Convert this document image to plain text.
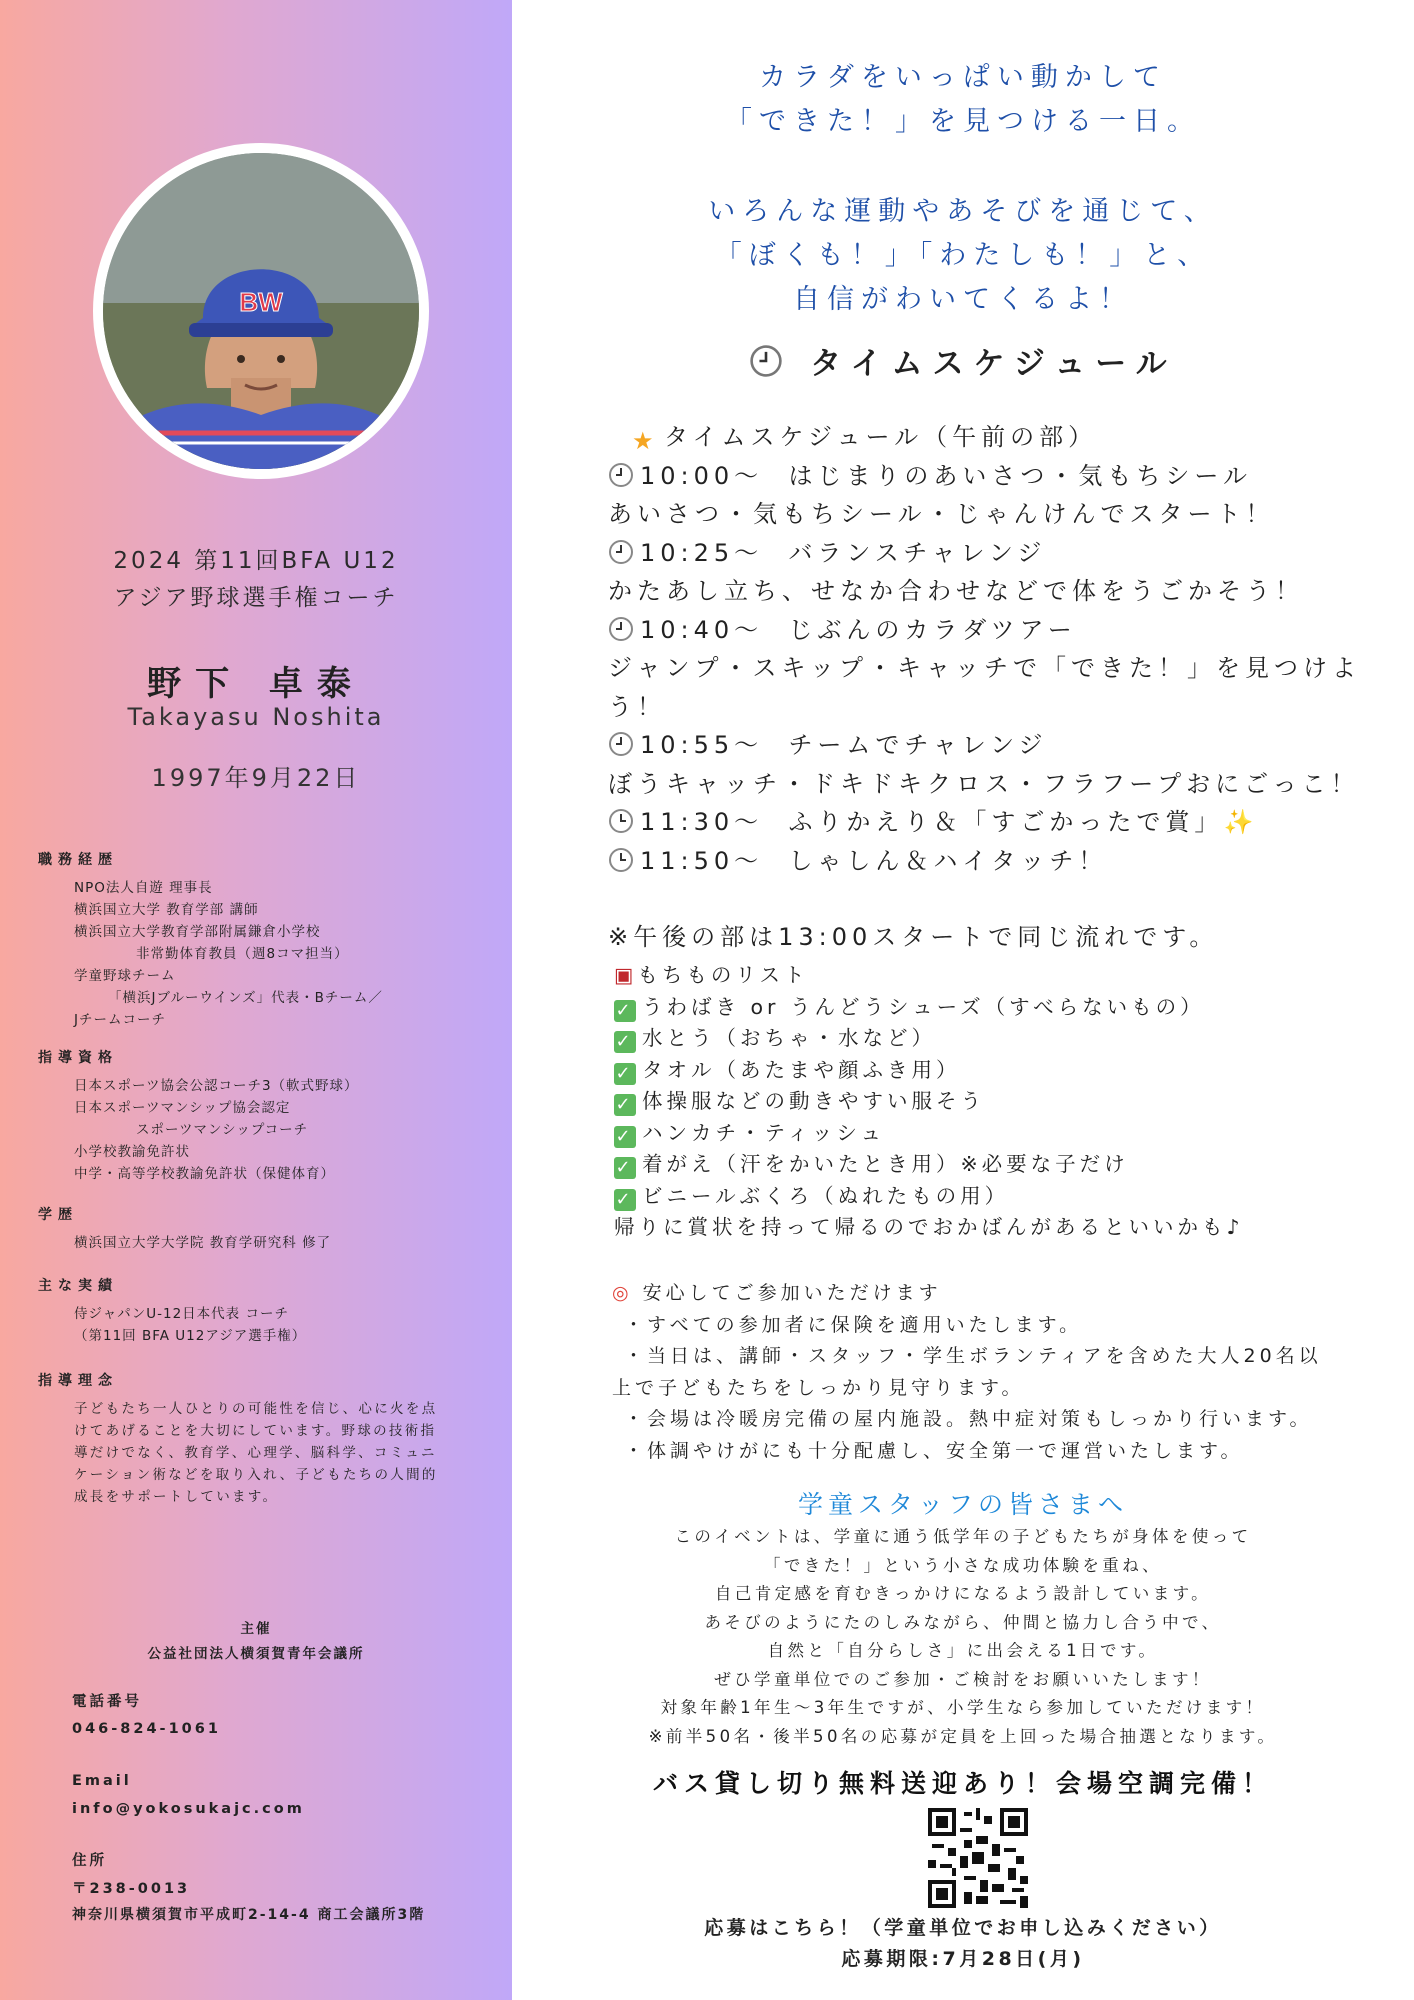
BW
2024 第11回BFA U12
アジア野球選手権コーチ
野下 卓泰
Takayasu Noshita
1997年9月22日
職務経歴
NPO法人自遊 理事長
横浜国立大学 教育学部 講師
横浜国立大学教育学部附属鎌倉小学校
非常勤体育教員（週8コマ担当）
学童野球チーム
「横浜Jブルーウインズ」代表・Bチーム／
Jチームコーチ
指導資格
日本スポーツ協会公認コーチ3（軟式野球）
日本スポーツマンシップ協会認定
スポーツマンシップコーチ
小学校教諭免許状
中学・高等学校教諭免許状（保健体育）
学歴
横浜国立大学大学院 教育学研究科 修了
主な実績
侍ジャパンU-12日本代表 コーチ
（第11回 BFA U12アジア選手権）
指導理念
子どもたち一人ひとりの可能性を信じ、心に火を点けてあげることを大切にしています。野球の技術指導だけでなく、教育学、心理学、脳科学、コミュニケーション術などを取り入れ、子どもたちの人間的成長をサポートしています。
主催
公益社団法人横須賀青年会議所
電話番号
046-824-1061
Email
info@yokosukajc.com
住所
〒238-0013
神奈川県横須賀市平成町2-14-4 商工会議所3階
カラダをいっぱい動かして
「できた！」を見つける一日。
いろんな運動やあそびを通じて、
「ぼくも！」「わたしも！」と、
自信がわいてくるよ！
タイムスケジュール
★ タイムスケジュール（午前の部）
10:00〜 はじまりのあいさつ・気もちシール
あいさつ・気もちシール・じゃんけんでスタート！
10:25〜 バランスチャレンジ
かたあし立ち、せなか合わせなどで体をうごかそう！
10:40〜 じぶんのカラダツアー
ジャンプ・スキップ・キャッチで「できた！」を見つけよう！
10:55〜 チームでチャレンジ
ぼうキャッチ・ドキドキクロス・フラフープおにごっこ！
11:30〜 ふりかえり＆「すごかったで賞」✨
11:50〜 しゃしん＆ハイタッチ！
※午後の部は13:00スタートで同じ流れです。
▣もちものリスト
✓ うわばき or うんどうシューズ（すべらないもの）
✓ 水とう（おちゃ・水など）
✓ タオル（あたまや顔ふき用）
✓ 体操服などの動きやすい服そう
✓ ハンカチ・ティッシュ
✓ 着がえ（汗をかいたとき用）※必要な子だけ
✓ ビニールぶくろ（ぬれたもの用）
帰りに賞状を持って帰るのでおかばんがあるといいかも♪
◎ 安心してご参加いただけます
・すべての参加者に保険を適用いたします。
・当日は、講師・スタッフ・学生ボランティアを含めた大人20名以
上で子どもたちをしっかり見守ります。
・会場は冷暖房完備の屋内施設。熱中症対策もしっかり行います。
・体調やけがにも十分配慮し、安全第一で運営いたします。
学童スタッフの皆さまへ
このイベントは、学童に通う低学年の子どもたちが身体を使って
「できた！」という小さな成功体験を重ね、
自己肯定感を育むきっかけになるよう設計しています。
あそびのようにたのしみながら、仲間と協力し合う中で、
自然と「自分らしさ」に出会える1日です。
ぜひ学童単位でのご参加・ご検討をお願いいたします！
対象年齢1年生〜3年生ですが、小学生なら参加していただけます！
※前半50名・後半50名の応募が定員を上回った場合抽選となります。
バス貸し切り無料送迎あり！会場空調完備！
応募はこちら！（学童単位でお申し込みください）
応募期限:7月28日(月)
